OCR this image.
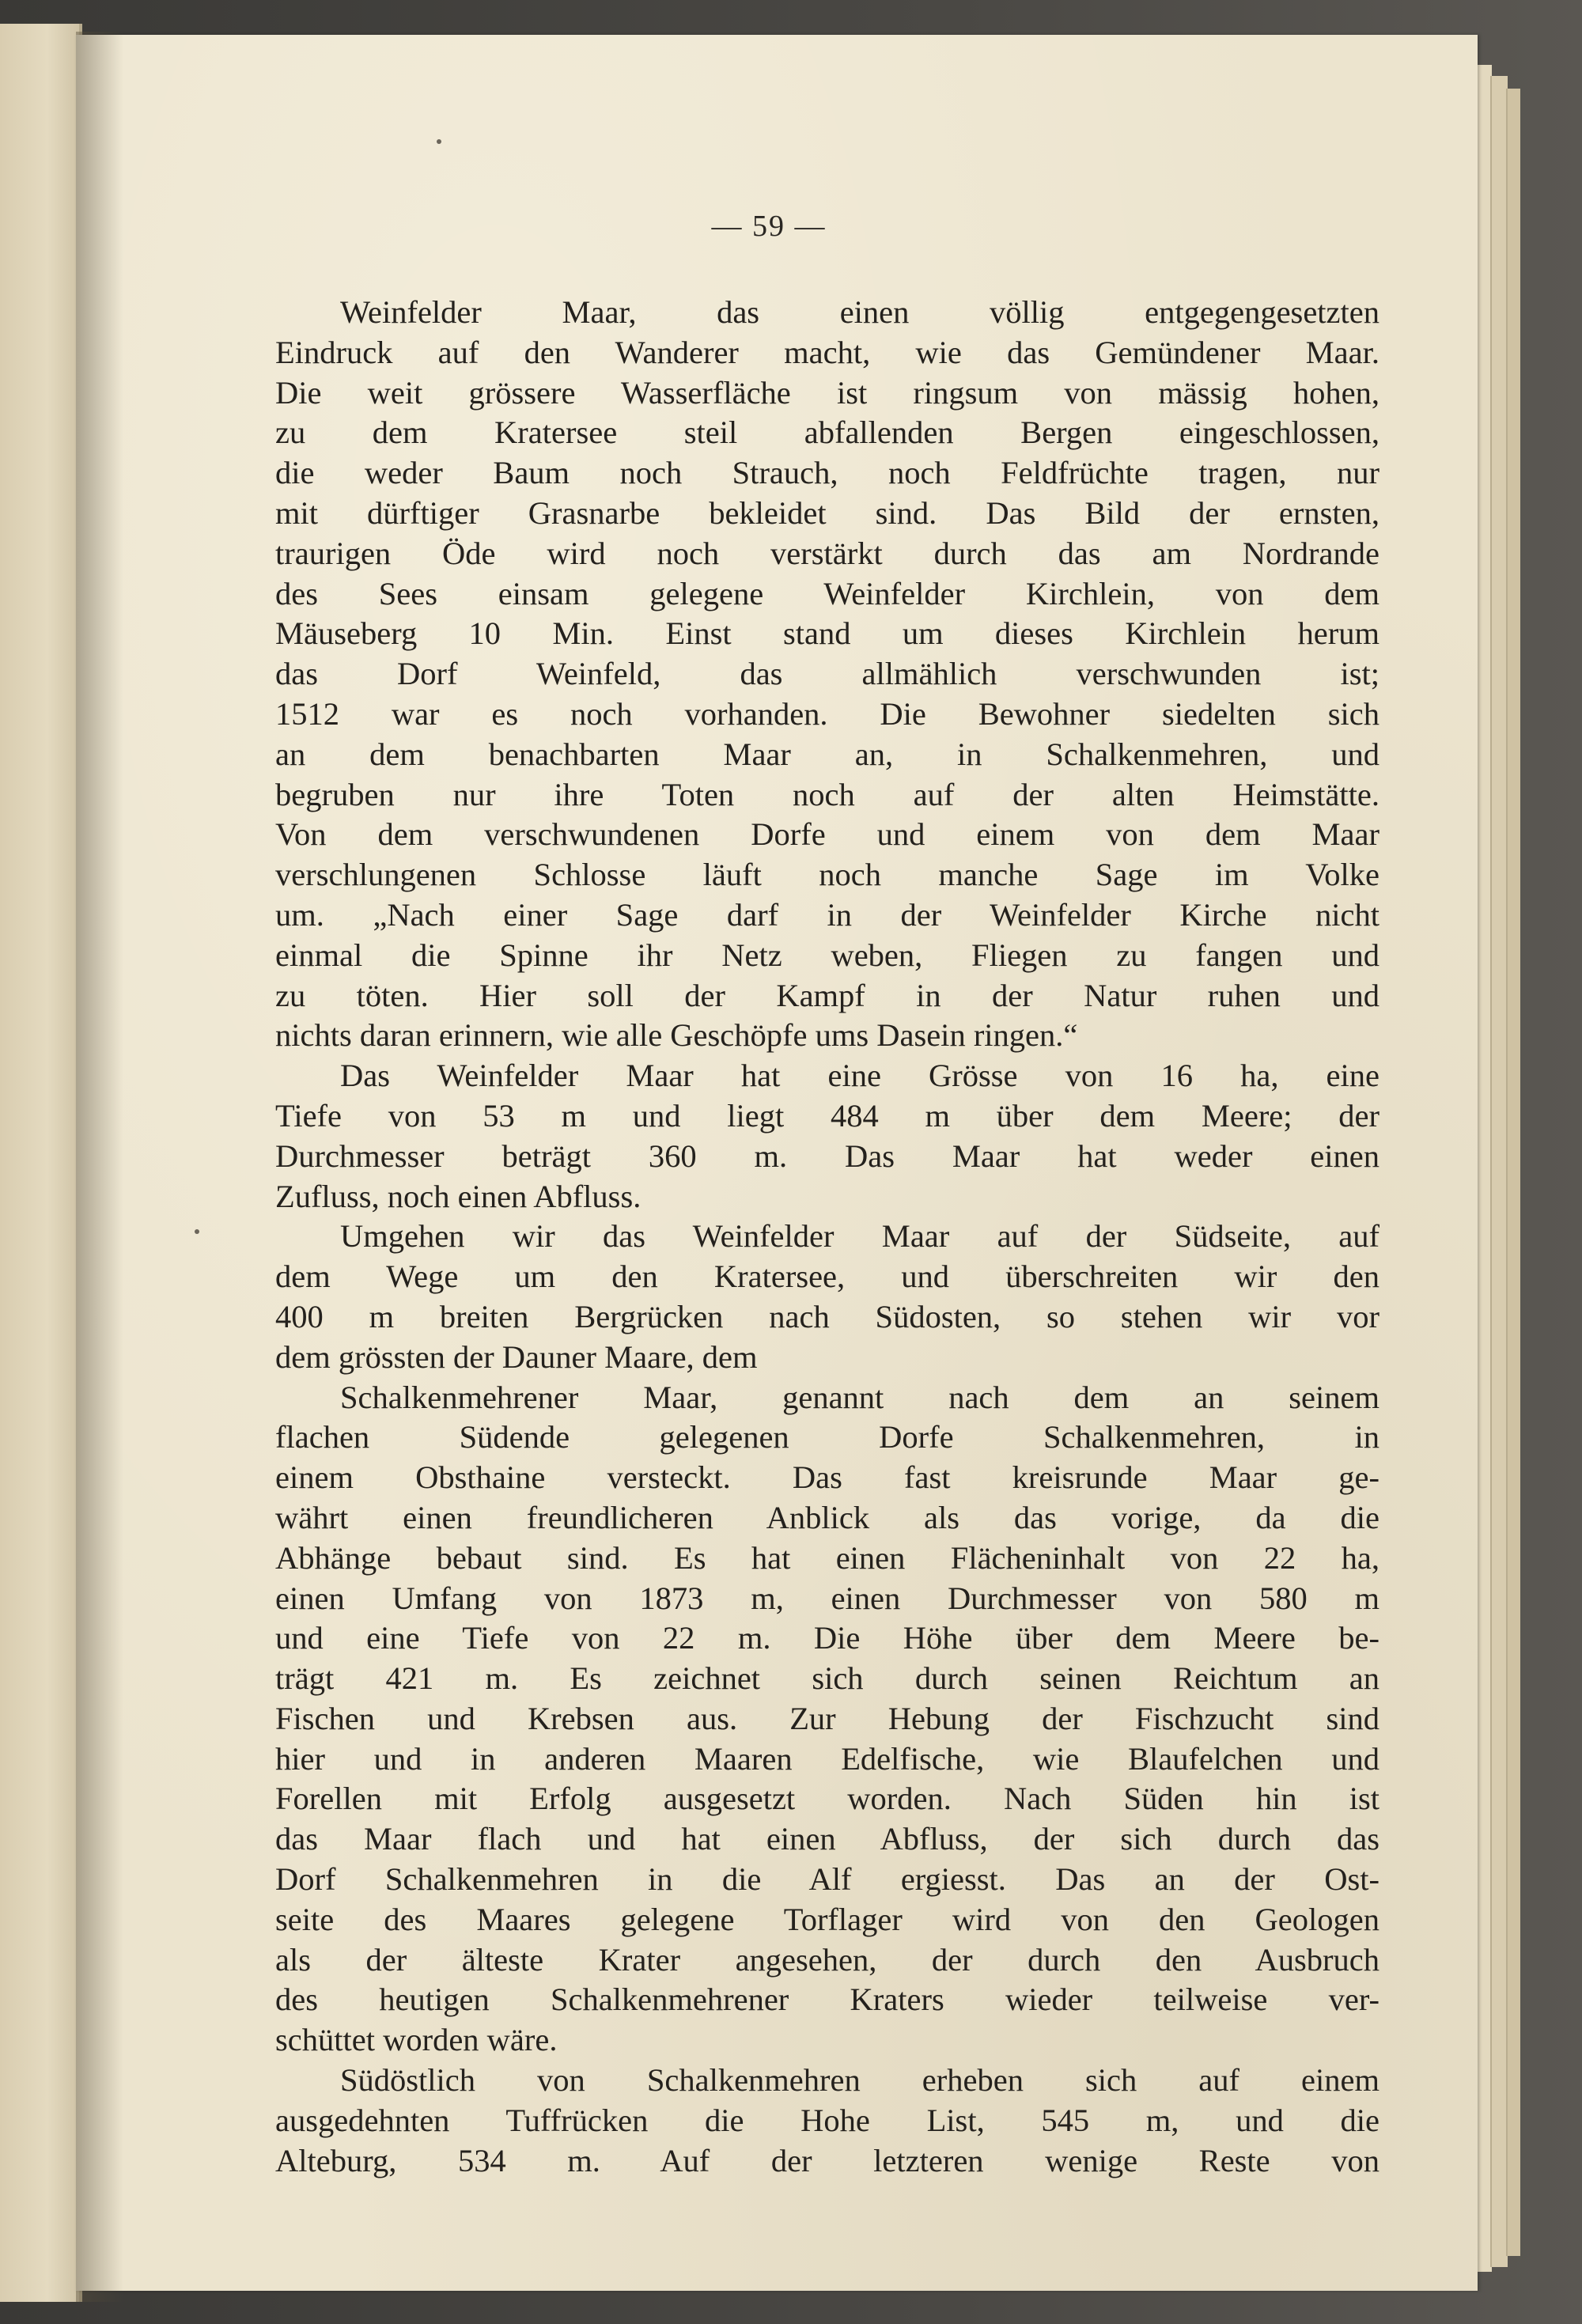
— 59 —
Weinfelder Maar, das einen völlig entgegengesetzten
Eindruck auf den Wanderer macht, wie das Gemündener Maar.
Die weit grössere Wasserfläche ist ringsum von mässig hohen,
zu dem Kratersee steil abfallenden Bergen eingeschlossen,
die weder Baum noch Strauch, noch Feldfrüchte tragen, nur
mit dürftiger Grasnarbe bekleidet sind. Das Bild der ernsten,
traurigen Öde wird noch verstärkt durch das am Nordrande
des Sees einsam gelegene Weinfelder Kirchlein, von dem
Mäuseberg 10 Min. Einst stand um dieses Kirchlein herum
das Dorf Weinfeld, das allmählich verschwunden ist;
1512 war es noch vorhanden. Die Bewohner siedelten sich
an dem benachbarten Maar an, in Schalkenmehren, und
begruben nur ihre Toten noch auf der alten Heimstätte.
Von dem verschwundenen Dorfe und einem von dem Maar
verschlungenen Schlosse läuft noch manche Sage im Volke
um. „Nach einer Sage darf in der Weinfelder Kirche nicht
einmal die Spinne ihr Netz weben, Fliegen zu fangen und
zu töten. Hier soll der Kampf in der Natur ruhen und
nichts daran erinnern, wie alle Geschöpfe ums Dasein ringen.“
Das Weinfelder Maar hat eine Grösse von 16 ha, eine
Tiefe von 53 m und liegt 484 m über dem Meere; der
Durchmesser beträgt 360 m. Das Maar hat weder einen
Zufluss, noch einen Abfluss.
Umgehen wir das Weinfelder Maar auf der Südseite, auf
dem Wege um den Kratersee, und überschreiten wir den
400 m breiten Bergrücken nach Südosten, so stehen wir vor
dem grössten der Dauner Maare, dem
Schalkenmehrener Maar, genannt nach dem an seinem
flachen Südende gelegenen Dorfe Schalkenmehren, in
einem Obsthaine versteckt. Das fast kreisrunde Maar ge-
währt einen freundlicheren Anblick als das vorige, da die
Abhänge bebaut sind. Es hat einen Flächeninhalt von 22 ha,
einen Umfang von 1873 m, einen Durchmesser von 580 m
und eine Tiefe von 22 m. Die Höhe über dem Meere be-
trägt 421 m. Es zeichnet sich durch seinen Reichtum an
Fischen und Krebsen aus. Zur Hebung der Fischzucht sind
hier und in anderen Maaren Edelfische, wie Blaufelchen und
Forellen mit Erfolg ausgesetzt worden. Nach Süden hin ist
das Maar flach und hat einen Abfluss, der sich durch das
Dorf Schalkenmehren in die Alf ergiesst. Das an der Ost-
seite des Maares gelegene Torflager wird von den Geologen
als der älteste Krater angesehen, der durch den Ausbruch
des heutigen Schalkenmehrener Kraters wieder teilweise ver-
schüttet worden wäre.
Südöstlich von Schalkenmehren erheben sich auf einem
ausgedehnten Tuffrücken die Hohe List, 545 m, und die
Alteburg, 534 m. Auf der letzteren wenige Reste von
